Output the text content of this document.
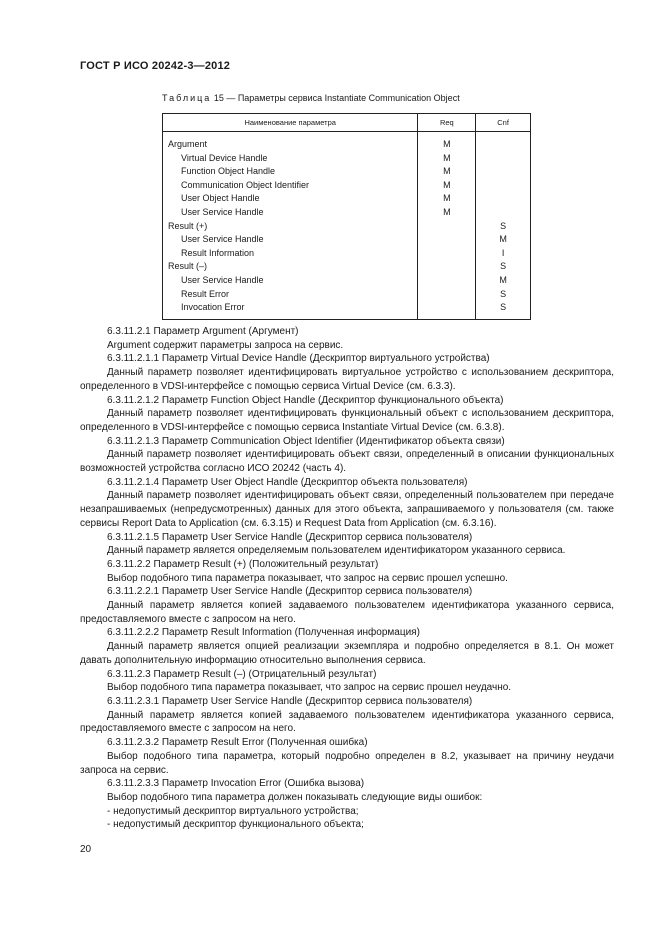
ГОСТ Р ИСО 20242-3—2012
Таблица 15 — Параметры сервиса Instantiate Communication Object
Наименование параметра	Req	Cnf
Argument	M	
Virtual Device Handle	M	
Function Object Handle	M	
Communication Object Identifier	M	
User Object Handle	M	
User Service Handle	M	
Result (+)		S
User Service Handle		M
Result Information		I
Result (–)		S
User Service Handle		M
Result Error		S
Invocation Error		S

6.3.11.2.1 Параметр Argument (Аргумент)

Argument содержит параметры запроса на сервис.

6.3.11.2.1.1 Параметр Virtual Device Handle (Дескриптор виртуального устройства)

Данный параметр позволяет идентифицировать виртуальное устройство с использованием дескриптора, определенного в VDSI-интерфейсе с помощью сервиса Virtual Device (см. 6.3.3).

6.3.11.2.1.2 Параметр Function Object Handle (Дескриптор функционального объекта)

Данный параметр позволяет идентифицировать функциональный объект с использованием дескриптора, определенного в VDSI-интерфейсе с помощью сервиса Instantiate Virtual Device (см. 6.3.8).

6.3.11.2.1.3 Параметр Communication Object Identifier (Идентификатор объекта связи)

Данный параметр позволяет идентифицировать объект связи, определенный в описании функциональных возможностей устройства согласно ИСО 20242 (часть 4).

6.3.11.2.1.4 Параметр User Object Handle (Дескриптор объекта пользователя)

Данный параметр позволяет идентифицировать объект связи, определенный пользователем при передаче незапрашиваемых (непредусмотренных) данных для этого объекта, запрашиваемого у пользователя (см. также сервисы Report Data to Application (см. 6.3.15) и Request Data from Application (см. 6.3.16).

6.3.11.2.1.5 Параметр User Service Handle (Дескриптор сервиса пользователя)

Данный параметр является определяемым пользователем идентификатором указанного сервиса.

6.3.11.2.2 Параметр Result (+) (Положительный результат)

Выбор подобного типа параметра показывает, что запрос на сервис прошел успешно.

6.3.11.2.2.1 Параметр User Service Handle (Дескриптор сервиса пользователя)

Данный параметр является копией задаваемого пользователем идентификатора указанного сервиса, предоставляемого вместе с запросом на него.

6.3.11.2.2.2 Параметр Result Information (Полученная информация)

Данный параметр является опцией реализации экземпляра и подробно определяется в 8.1. Он может давать дополнительную информацию относительно выполнения сервиса.

6.3.11.2.3 Параметр Result (–) (Отрицательный результат)

Выбор подобного типа параметра показывает, что запрос на сервис прошел неудачно.

6.3.11.2.3.1 Параметр User Service Handle (Дескриптор сервиса пользователя)

Данный параметр является копией задаваемого пользователем идентификатора указанного сервиса, предоставляемого вместе с запросом на него.

6.3.11.2.3.2 Параметр Result Error (Полученная ошибка)

Выбор подобного типа параметра, который подробно определен в 8.2, указывает на причину неудачи запроса на сервис.

6.3.11.2.3.3 Параметр Invocation Error (Ошибка вызова)

Выбор подобного типа параметра должен показывать следующие виды ошибок:

- недопустимый дескриптор виртуального устройства;

- недопустимый дескриптор функционального объекта;

20
